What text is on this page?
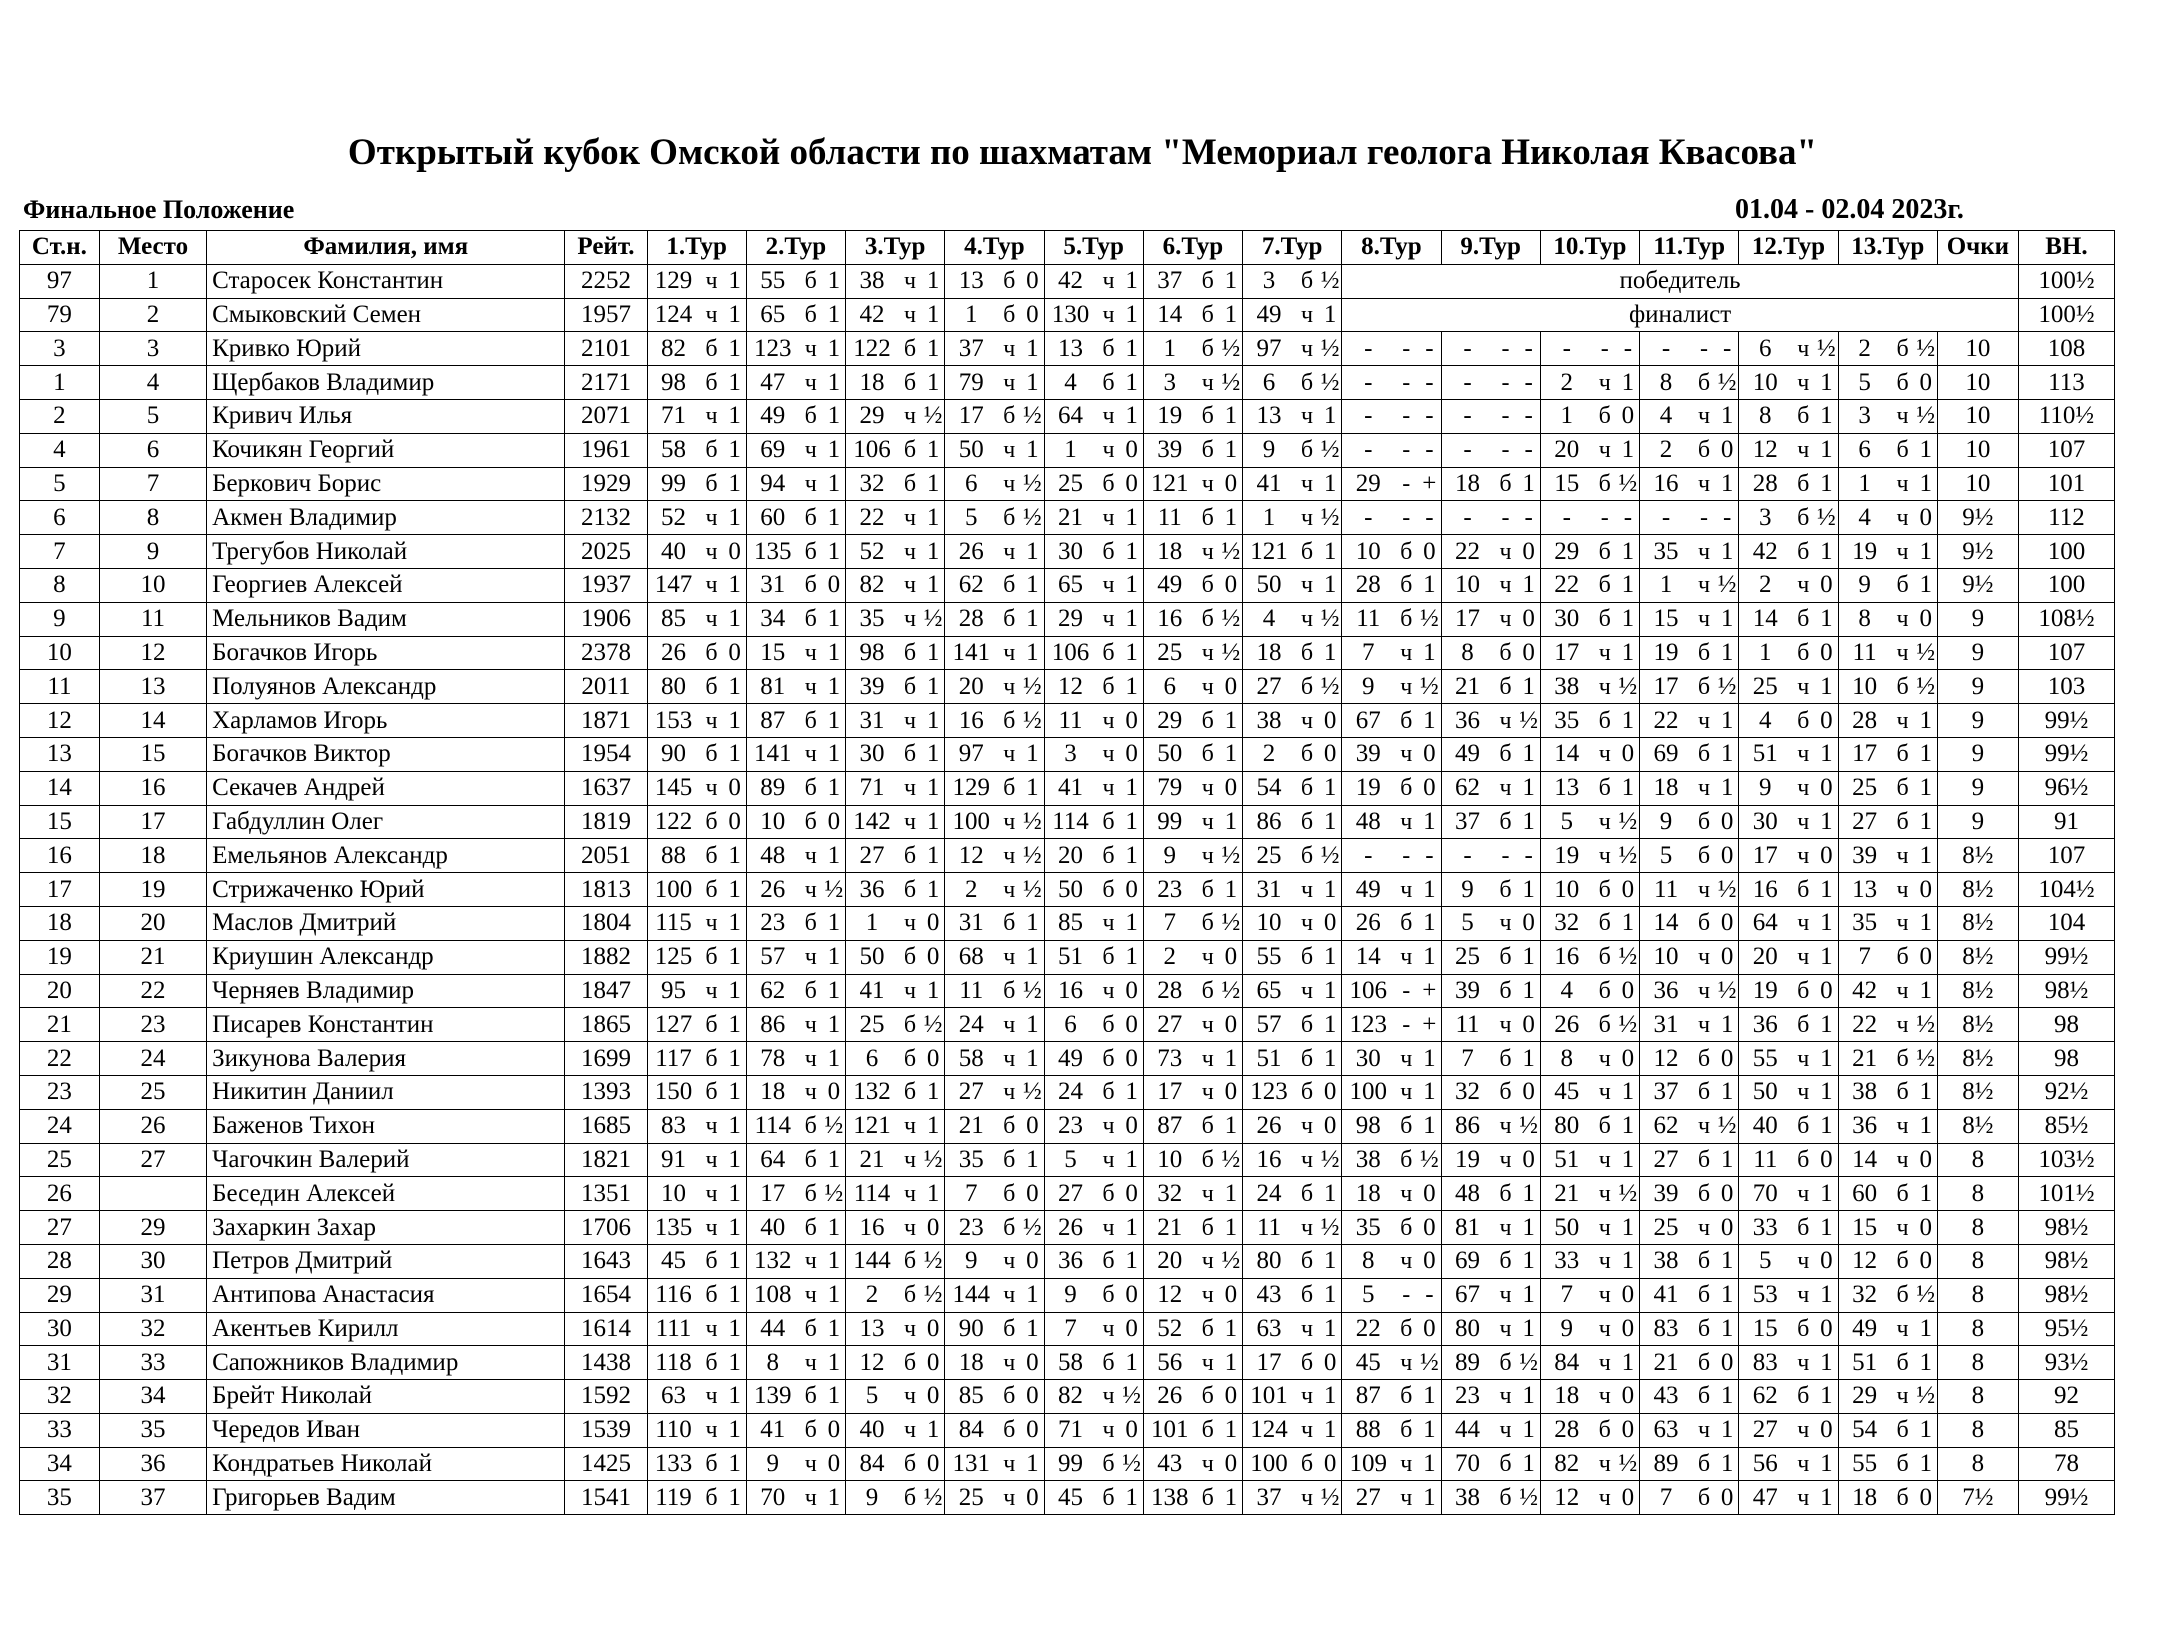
Открытый кубок Омской области по шахматам "Мемориал геолога Николая Квасова"
Финальное Положение	01.04 - 02.04 2023г.
Ст.н.	Место	Фамилия, имя	Рейт.	1.Тур			2.Тур			3.Тур			4.Тур			5.Тур			6.Тур			7.Тур			8.Тур			9.Тур			10.Тур			11.Тур			12.Тур			13.Тур			Очки	ВН.
97	1	Старосек Константин	2252	129	ч	1	55	б	1	38	ч	1	13	б	0	42	ч	1	37	б	1	3	б	½	победитель																			100½
79	2	Смыковский Семен	1957	124	ч	1	65	б	1	42	ч	1	1	б	0	130	ч	1	14	б	1	49	ч	1	финалист																			100½
3	3	Кривко Юрий	2101	82	б	1	123	ч	1	122	б	1	37	ч	1	13	б	1	1	б	½	97	ч	½	-	-	-	-	-	-	-	-	-	-	-	-	6	ч	½	2	б	½	10	108
1	4	Щербаков Владимир	2171	98	б	1	47	ч	1	18	б	1	79	ч	1	4	б	1	3	ч	½	6	б	½	-	-	-	-	-	-	2	ч	1	8	б	½	10	ч	1	5	б	0	10	113
2	5	Кривич Илья	2071	71	ч	1	49	б	1	29	ч	½	17	б	½	64	ч	1	19	б	1	13	ч	1	-	-	-	-	-	-	1	б	0	4	ч	1	8	б	1	3	ч	½	10	110½
4	6	Кочикян Георгий	1961	58	б	1	69	ч	1	106	б	1	50	ч	1	1	ч	0	39	б	1	9	б	½	-	-	-	-	-	-	20	ч	1	2	б	0	12	ч	1	6	б	1	10	107
5	7	Беркович Борис	1929	99	б	1	94	ч	1	32	б	1	6	ч	½	25	б	0	121	ч	0	41	ч	1	29	-	+	18	б	1	15	б	½	16	ч	1	28	б	1	1	ч	1	10	101
6	8	Акмен Владимир	2132	52	ч	1	60	б	1	22	ч	1	5	б	½	21	ч	1	11	б	1	1	ч	½	-	-	-	-	-	-	-	-	-	-	-	-	3	б	½	4	ч	0	9½	112
7	9	Трегубов Николай	2025	40	ч	0	135	б	1	52	ч	1	26	ч	1	30	б	1	18	ч	½	121	б	1	10	б	0	22	ч	0	29	б	1	35	ч	1	42	б	1	19	ч	1	9½	100
8	10	Георгиев Алексей	1937	147	ч	1	31	б	0	82	ч	1	62	б	1	65	ч	1	49	б	0	50	ч	1	28	б	1	10	ч	1	22	б	1	1	ч	½	2	ч	0	9	б	1	9½	100
9	11	Мельников Вадим	1906	85	ч	1	34	б	1	35	ч	½	28	б	1	29	ч	1	16	б	½	4	ч	½	11	б	½	17	ч	0	30	б	1	15	ч	1	14	б	1	8	ч	0	9	108½
10	12	Богачков Игорь	2378	26	б	0	15	ч	1	98	б	1	141	ч	1	106	б	1	25	ч	½	18	б	1	7	ч	1	8	б	0	17	ч	1	19	б	1	1	б	0	11	ч	½	9	107
11	13	Полуянов Александр	2011	80	б	1	81	ч	1	39	б	1	20	ч	½	12	б	1	6	ч	0	27	б	½	9	ч	½	21	б	1	38	ч	½	17	б	½	25	ч	1	10	б	½	9	103
12	14	Харламов Игорь	1871	153	ч	1	87	б	1	31	ч	1	16	б	½	11	ч	0	29	б	1	38	ч	0	67	б	1	36	ч	½	35	б	1	22	ч	1	4	б	0	28	ч	1	9	99½
13	15	Богачков Виктор	1954	90	б	1	141	ч	1	30	б	1	97	ч	1	3	ч	0	50	б	1	2	б	0	39	ч	0	49	б	1	14	ч	0	69	б	1	51	ч	1	17	б	1	9	99½
14	16	Секачев Андрей	1637	145	ч	0	89	б	1	71	ч	1	129	б	1	41	ч	1	79	ч	0	54	б	1	19	б	0	62	ч	1	13	б	1	18	ч	1	9	ч	0	25	б	1	9	96½
15	17	Габдуллин Олег	1819	122	б	0	10	б	0	142	ч	1	100	ч	½	114	б	1	99	ч	1	86	б	1	48	ч	1	37	б	1	5	ч	½	9	б	0	30	ч	1	27	б	1	9	91
16	18	Емельянов Александр	2051	88	б	1	48	ч	1	27	б	1	12	ч	½	20	б	1	9	ч	½	25	б	½	-	-	-	-	-	-	19	ч	½	5	б	0	17	ч	0	39	ч	1	8½	107
17	19	Стрижаченко Юрий	1813	100	б	1	26	ч	½	36	б	1	2	ч	½	50	б	0	23	б	1	31	ч	1	49	ч	1	9	б	1	10	б	0	11	ч	½	16	б	1	13	ч	0	8½	104½
18	20	Маслов Дмитрий	1804	115	ч	1	23	б	1	1	ч	0	31	б	1	85	ч	1	7	б	½	10	ч	0	26	б	1	5	ч	0	32	б	1	14	б	0	64	ч	1	35	ч	1	8½	104
19	21	Криушин Александр	1882	125	б	1	57	ч	1	50	б	0	68	ч	1	51	б	1	2	ч	0	55	б	1	14	ч	1	25	б	1	16	б	½	10	ч	0	20	ч	1	7	б	0	8½	99½
20	22	Черняев Владимир	1847	95	ч	1	62	б	1	41	ч	1	11	б	½	16	ч	0	28	б	½	65	ч	1	106	-	+	39	б	1	4	б	0	36	ч	½	19	б	0	42	ч	1	8½	98½
21	23	Писарев Константин	1865	127	б	1	86	ч	1	25	б	½	24	ч	1	6	б	0	27	ч	0	57	б	1	123	-	+	11	ч	0	26	б	½	31	ч	1	36	б	1	22	ч	½	8½	98
22	24	Зикунова Валерия	1699	117	б	1	78	ч	1	6	б	0	58	ч	1	49	б	0	73	ч	1	51	б	1	30	ч	1	7	б	1	8	ч	0	12	б	0	55	ч	1	21	б	½	8½	98
23	25	Никитин Даниил	1393	150	б	1	18	ч	0	132	б	1	27	ч	½	24	б	1	17	ч	0	123	б	0	100	ч	1	32	б	0	45	ч	1	37	б	1	50	ч	1	38	б	1	8½	92½
24	26	Баженов Тихон	1685	83	ч	1	114	б	½	121	ч	1	21	б	0	23	ч	0	87	б	1	26	ч	0	98	б	1	86	ч	½	80	б	1	62	ч	½	40	б	1	36	ч	1	8½	85½
25	27	Чагочкин Валерий	1821	91	ч	1	64	б	1	21	ч	½	35	б	1	5	ч	1	10	б	½	16	ч	½	38	б	½	19	ч	0	51	ч	1	27	б	1	11	б	0	14	ч	0	8	103½
26		Беседин Алексей	1351	10	ч	1	17	б	½	114	ч	1	7	б	0	27	б	0	32	ч	1	24	б	1	18	ч	0	48	б	1	21	ч	½	39	б	0	70	ч	1	60	б	1	8	101½
27	29	Захаркин Захар	1706	135	ч	1	40	б	1	16	ч	0	23	б	½	26	ч	1	21	б	1	11	ч	½	35	б	0	81	ч	1	50	ч	1	25	ч	0	33	б	1	15	ч	0	8	98½
28	30	Петров Дмитрий	1643	45	б	1	132	ч	1	144	б	½	9	ч	0	36	б	1	20	ч	½	80	б	1	8	ч	0	69	б	1	33	ч	1	38	б	1	5	ч	0	12	б	0	8	98½
29	31	Антипова Анастасия	1654	116	б	1	108	ч	1	2	б	½	144	ч	1	9	б	0	12	ч	0	43	б	1	5	-	-	67	ч	1	7	ч	0	41	б	1	53	ч	1	32	б	½	8	98½
30	32	Акентьев Кирилл	1614	111	ч	1	44	б	1	13	ч	0	90	б	1	7	ч	0	52	б	1	63	ч	1	22	б	0	80	ч	1	9	ч	0	83	б	1	15	б	0	49	ч	1	8	95½
31	33	Сапожников Владимир	1438	118	б	1	8	ч	1	12	б	0	18	ч	0	58	б	1	56	ч	1	17	б	0	45	ч	½	89	б	½	84	ч	1	21	б	0	83	ч	1	51	б	1	8	93½
32	34	Брейт Николай	1592	63	ч	1	139	б	1	5	ч	0	85	б	0	82	ч	½	26	б	0	101	ч	1	87	б	1	23	ч	1	18	ч	0	43	б	1	62	б	1	29	ч	½	8	92
33	35	Чередов Иван	1539	110	ч	1	41	б	0	40	ч	1	84	б	0	71	ч	0	101	б	1	124	ч	1	88	б	1	44	ч	1	28	б	0	63	ч	1	27	ч	0	54	б	1	8	85
34	36	Кондратьев Николай	1425	133	б	1	9	ч	0	84	б	0	131	ч	1	99	б	½	43	ч	0	100	б	0	109	ч	1	70	б	1	82	ч	½	89	б	1	56	ч	1	55	б	1	8	78
35	37	Григорьев Вадим	1541	119	б	1	70	ч	1	9	б	½	25	ч	0	45	б	1	138	б	1	37	ч	½	27	ч	1	38	б	½	12	ч	0	7	б	0	47	ч	1	18	б	0	7½	99½
